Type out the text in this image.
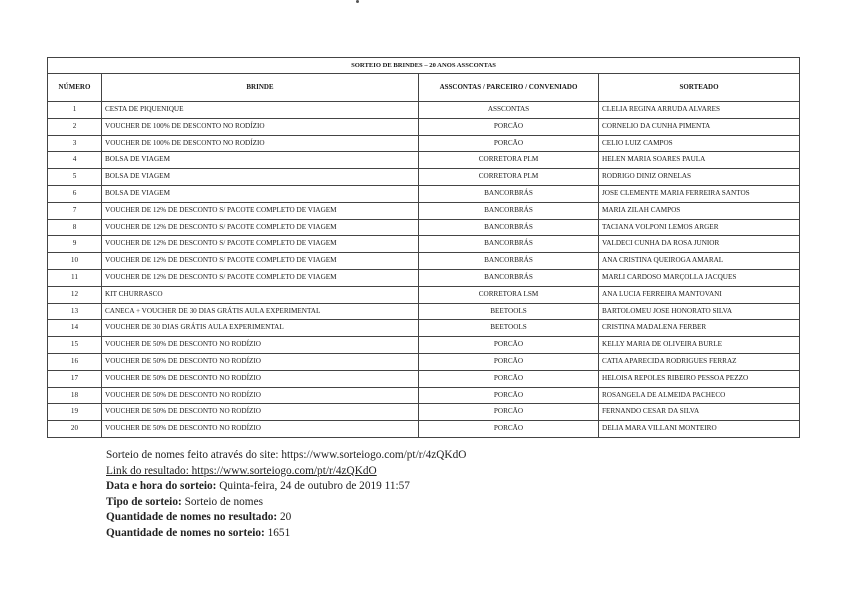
SORTEIO DE BRINDES – 20 ANOS ASSCONTAS			
NÚMERO	BRINDE	ASSCONTAS / PARCEIRO / CONVENIADO	SORTEADO
1	CESTA DE PIQUENIQUE	ASSCONTAS	CLELIA REGINA ARRUDA ALVARES
2	VOUCHER DE 100% DE DESCONTO NO RODÍZIO	PORCÃO	CORNELIO DA CUNHA PIMENTA
3	VOUCHER DE 100% DE DESCONTO NO RODÍZIO	PORCÃO	CELIO LUIZ CAMPOS
4	BOLSA DE VIAGEM	CORRETORA PLM	HELEN MARIA SOARES PAULA
5	BOLSA DE VIAGEM	CORRETORA PLM	RODRIGO DINIZ ORNELAS
6	BOLSA DE VIAGEM	BANCORBRÁS	JOSE CLEMENTE MARIA FERREIRA SANTOS
7	VOUCHER DE 12% DE DESCONTO S/ PACOTE COMPLETO DE VIAGEM	BANCORBRÁS	MARIA ZILAH CAMPOS
8	VOUCHER DE 12% DE DESCONTO S/ PACOTE COMPLETO DE VIAGEM	BANCORBRÁS	TACIANA VOLPONI LEMOS ARGER
9	VOUCHER DE 12% DE DESCONTO S/ PACOTE COMPLETO DE VIAGEM	BANCORBRÁS	VALDECI CUNHA DA ROSA JUNIOR
10	VOUCHER DE 12% DE DESCONTO S/ PACOTE COMPLETO DE VIAGEM	BANCORBRÁS	ANA CRISTINA QUEIROGA AMARAL
11	VOUCHER DE 12% DE DESCONTO S/ PACOTE COMPLETO DE VIAGEM	BANCORBRÁS	MARLI CARDOSO MARÇOLLA JACQUES
12	KIT CHURRASCO	CORRETORA LSM	ANA LUCIA FERREIRA MANTOVANI
13	CANECA + VOUCHER DE 30 DIAS GRÁTIS AULA EXPERIMENTAL	BEETOOLS	BARTOLOMEU JOSE HONORATO SILVA
14	VOUCHER DE 30 DIAS GRÁTIS AULA EXPERIMENTAL	BEETOOLS	CRISTINA MADALENA FERBER
15	VOUCHER DE 50% DE DESCONTO NO RODÍZIO	PORCÃO	KELLY MARIA DE OLIVEIRA BURLE
16	VOUCHER DE 50% DE DESCONTO NO RODÍZIO	PORCÃO	CATIA APARECIDA RODRIGUES FERRAZ
17	VOUCHER DE 50% DE DESCONTO NO RODÍZIO	PORCÃO	HELOISA REPOLES RIBEIRO PESSOA PEZZO
18	VOUCHER DE 50% DE DESCONTO NO RODÍZIO	PORCÃO	ROSANGELA DE ALMEIDA PACHECO
19	VOUCHER DE 50% DE DESCONTO NO RODÍZIO	PORCÃO	FERNANDO CESAR DA SILVA
20	VOUCHER DE 50% DE DESCONTO NO RODÍZIO	PORCÃO	DELIA MARA VILLANI MONTEIRO
Sorteio de nomes feito através do site: https://www.sorteiogo.com/pt/r/4zQKdO
Link do resultado: https://www.sorteiogo.com/pt/r/4zQKdO
Data e hora do sorteio: Quinta-feira, 24 de outubro de 2019 11:57
Tipo de sorteio: Sorteio de nomes
Quantidade de nomes no resultado: 20
Quantidade de nomes no sorteio: 1651
